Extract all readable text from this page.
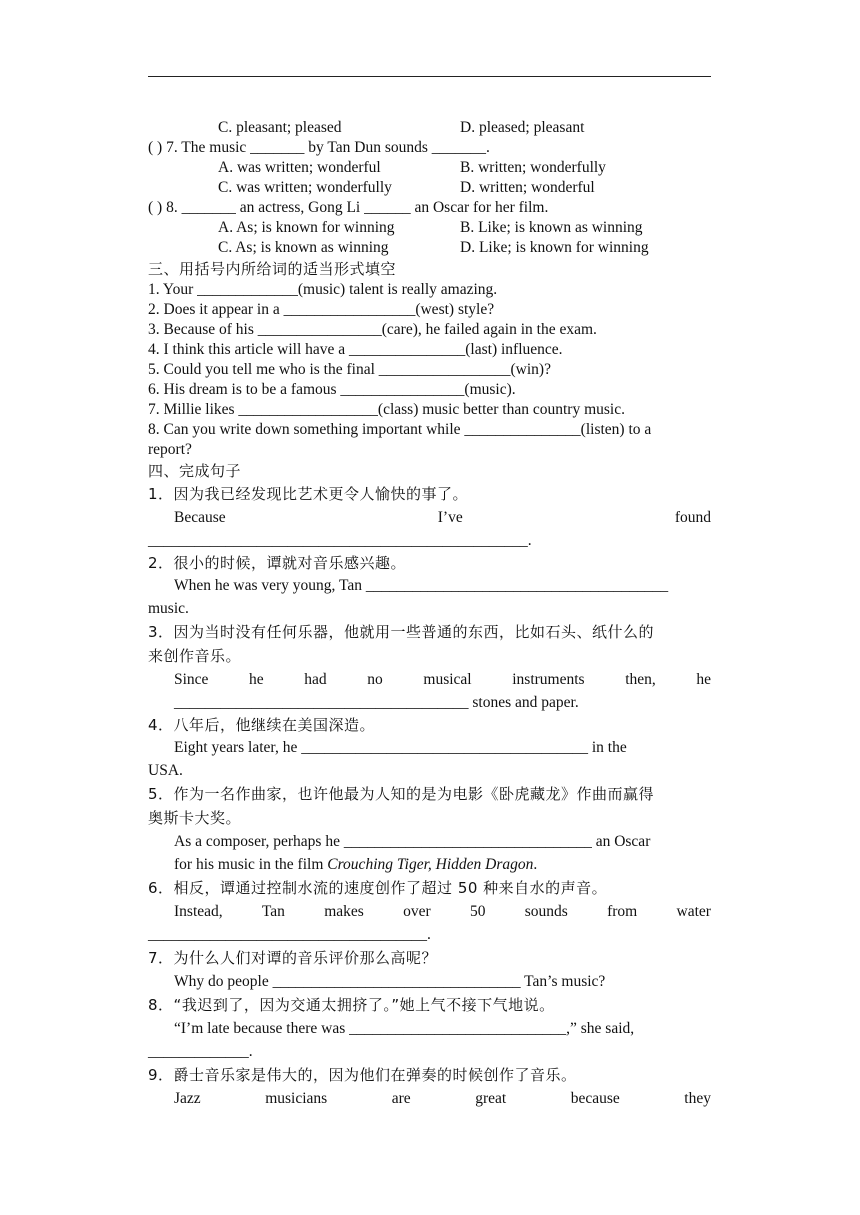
C. pleasant; pleased	D. pleased; pleasant
( ) 7. The music _______ by Tan Dun sounds _______.
A. was written; wonderful	B. written; wonderfully
C. was written; wonderfully	D. written; wonderful
( ) 8. _______ an actress, Gong Li ______ an Oscar for her film.
A. As; is known for winning	B. Like; is known as winning
C. As; is known as winning	D. Like; is known for winning
三、用括号内所给词的适当形式填空
1. Your _____________(music) talent is really amazing.
2. Does it appear in a _________________(west) style?
3. Because of his ________________(care), he failed again in the exam.
4. I think this article will have a _______________(last) influence.
5. Could you tell me who is the final _________________(win)?
6. His dream is to be a famous ________________(music).
7. Millie likes __________________(class) music better than country music.
8. Can you write down something important while _______________(listen) to a
report?
四、完成句子
1．因为我已经发现比艺术更令人愉快的事了。
Because	I’ve	found
_________________________________________________.
2．很小的时候，谭就对音乐感兴趣。
When he was very young, Tan _______________________________________
music.
3．因为当时没有任何乐器，他就用一些普通的东西，比如石头、纸什么的
来创作音乐。
Since	he	had	no	musical	instruments	then,	he
______________________________________ stones and paper.
4．八年后，他继续在美国深造。
Eight years later, he _____________________________________ in the
USA.
5．作为一名作曲家，也许他最为人知的是为电影《卧虎藏龙》作曲而赢得
奥斯卡大奖。
As a composer, perhaps he ________________________________ an Oscar
for his music in the film Crouching Tiger, Hidden Dragon.
6．相反，谭通过控制水流的速度创作了超过 50 种来自水的声音。
Instead,	Tan	makes	over	50	sounds	from	water
____________________________________.
7．为什么人们对谭的音乐评价那么高呢？
Why do people ________________________________ Tan’s music?
8．“我迟到了，因为交通太拥挤了。”她上气不接下气地说。
“I’m late because there was ____________________________,” she said,
_____________.
9．爵士音乐家是伟大的，因为他们在弹奏的时候创作了音乐。
Jazz	musicians	are	great	because	they
